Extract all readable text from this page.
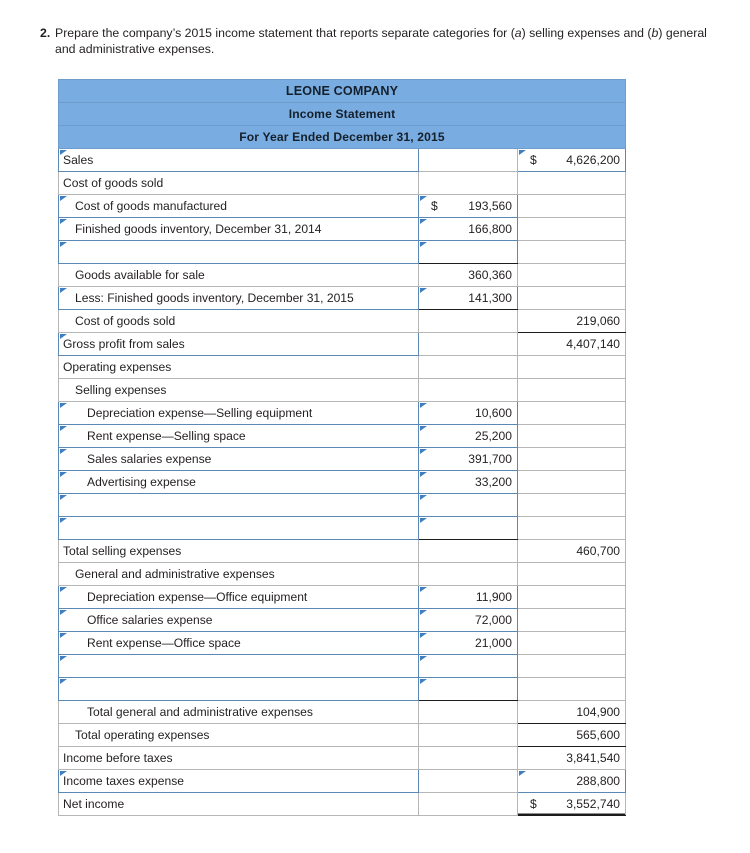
2. Prepare the company’s 2015 income statement that reports separate categories for (a) selling expenses and (b) general and administrative expenses.
LEONE COMPANY		
Income Statement		
For Year Ended December 31, 2015		
Sales		$ 4,626,200
Cost of goods sold		
Cost of goods manufactured	$ 193,560	
Finished goods inventory, December 31, 2014	166,800	

Goods available for sale	360,360	
Less: Finished goods inventory, December 31, 2015	141,300	
Cost of goods sold		219,060
Gross profit from sales		4,407,140
Operating expenses		
Selling expenses		
Depreciation expense—Selling equipment	10,600	
Rent expense—Selling space	25,200	
Sales salaries expense	391,700	
Advertising expense	33,200	

Total selling expenses		460,700
General and administrative expenses		
Depreciation expense—Office equipment	11,900	
Office salaries expense	72,000	
Rent expense—Office space	21,000	

Total general and administrative expenses		104,900
Total operating expenses		565,600
Income before taxes		3,841,540
Income taxes expense		288,800
Net income		$ 3,552,740
